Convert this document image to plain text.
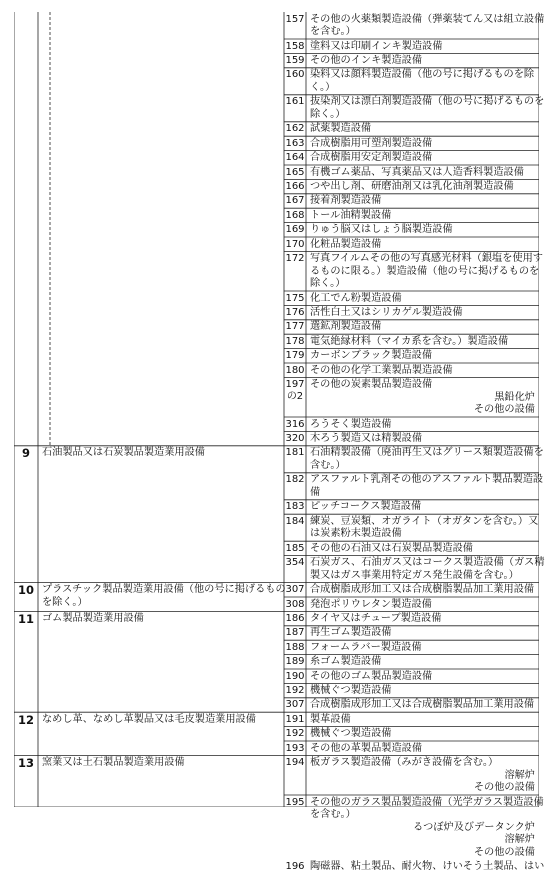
157 その他の火薬類製造設備（弾薬装てん又は組立設備
を含む。）
158 塗料又は印刷インキ製造設備
159 その他のインキ製造設備
160 染料又は顔料製造設備（他の号に掲げるものを除
く。）
161 抜染剤又は漂白剤製造設備（他の号に掲げるものを
除く。）
162 試薬製造設備
163 合成樹脂用可塑剤製造設備
164 合成樹脂用安定剤製造設備
165 有機ゴム薬品、写真薬品又は人造香料製造設備
166 つや出し剤、研磨油剤又は乳化油剤製造設備
167 接着剤製造設備
168 トール油精製設備
169 りゅう脳又はしょう脳製造設備
170 化粧品製造設備
172 写真フイルムその他の写真感光材料（銀塩を使用す
るものに限る。）製造設備（他の号に掲げるものを
除く。）
175 化工でん粉製造設備
176 活性白土又はシリカゲル製造設備
177 選鉱剤製造設備
178 電気絶縁材料（マイカ系を含む。）製造設備
179 カーボンブラック製造設備
180 その他の化学工業製品製造設備
197の2
その他の炭素製品製造設備
黒鉛化炉
その他の設備
316 ろうそく製造設備
320 木ろう製造又は精製設備
9	石油製品又は石炭製品製造業用設備	181 石油精製設備（廃油再生又はグリース類製造設備を
含む。）
182 アスファルト乳剤その他のアスファルト製品製造設
備
183 ピッチコークス製造設備
184 練炭、豆炭類、オガライト（オガタンを含む。）又
は炭素粉末製造設備
185 その他の石油又は石炭製品製造設備
354 石炭ガス、石油ガス又はコークス製造設備（ガス精
製又はガス事業用特定ガス発生設備を含む。）
10 プラスチック製品製造業用設備（他の号に掲げるもの
を除く。）
307 合成樹脂成形加工又は合成樹脂製品加工業用設備
308 発泡ポリウレタン製造設備
11 ゴム製品製造業用設備	186 タイヤ又はチューブ製造設備
187 再生ゴム製造設備
188 フォームラバー製造設備
189 糸ゴム製造設備
190 その他のゴム製品製造設備
192 機械ぐつ製造設備
307 合成樹脂成形加工又は合成樹脂製品加工業用設備
12 なめし革、なめし革製品又は毛皮製造業用設備	191 製革設備
192 機械ぐつ製造設備
193 その他の革製品製造設備
13 窯業又は土石製品製造業用設備	194 板ガラス製造設備（みがき設備を含む。）
溶解炉
その他の設備
195 その他のガラス製品製造設備（光学ガラス製造設備
を含む。）
るつぼ炉及びデータンク炉
溶解炉
その他の設備
196 陶磁器、粘土製品、耐火物、けいそう土製品、はい
